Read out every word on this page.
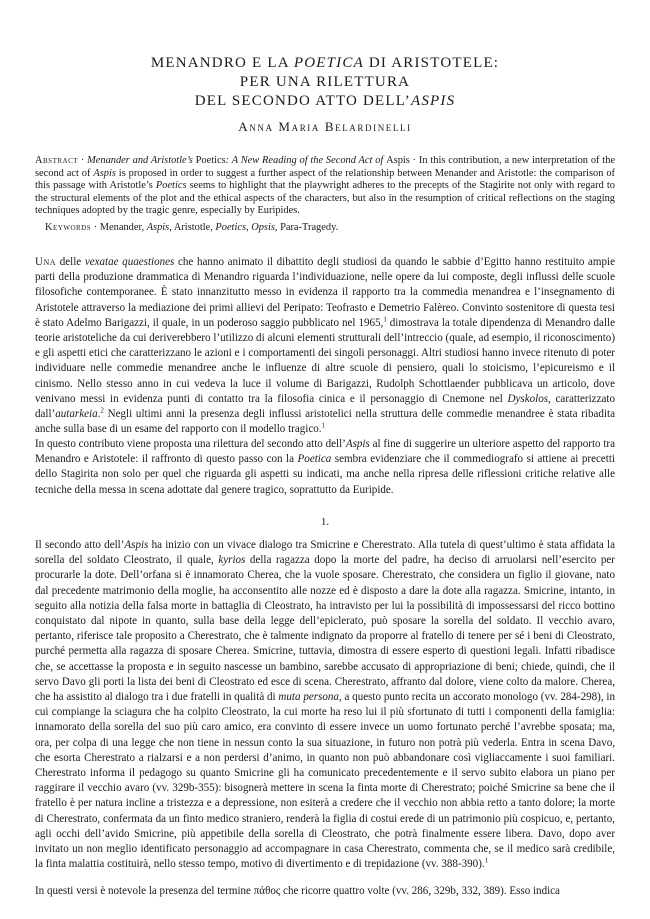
MENANDRO E LA POETICA DI ARISTOTELE:
PER UNA RILETTURA
DEL SECONDO ATTO DELL’ASPIS
Anna Maria Belardinelli

Abstract · Menander and Aristotle’s Poetics: A New Reading of the Second Act of Aspis · In this contribution, a new interpretation of the second act of Aspis is proposed in order to suggest a further aspect of the relationship between Menander and Aristotle: the comparison of this passage with Aristotle’s Poetics seems to highlight that the playwright adheres to the precepts of the Stagirite not only with regard to the structural elements of the plot and the ethical aspects of the characters, but also in the resumption of critical reflections on the staging techniques adopted by the tragic genre, especially by Euripides.

Keywords · Menander, Aspis, Aristotle, Poetics, Opsis, Para-Tragedy.

Una delle vexatae quaestiones che hanno animato il dibattito degli studiosi da quando le sabbie d’Egitto hanno restituito ampie parti della produzione drammatica di Menandro riguarda l’individuazione, nelle opere da lui composte, degli influssi delle scuole filosofiche contemporanee. È stato innanzitutto messo in evidenza il rapporto tra la commedia menandrea e l’insegnamento di Aristotele attraverso la mediazione dei primi allievi del Peripato: Teofrasto e Demetrio Falèreo. Convinto sostenitore di questa tesi è stato Adelmo Barigazzi, il quale, in un poderoso saggio pubblicato nel 1965,$^1$ dimostrava la totale dipendenza di Menandro dalle teorie aristoteliche da cui deriverebbero l’utilizzo di alcuni elementi strutturali dell’intreccio (quale, ad esempio, il riconoscimento) e gli aspetti etici che caratterizzano le azioni e i comportamenti dei singoli personaggi. Altri studiosi hanno invece ritenuto di poter individuare nelle commedie menandree anche le influenze di altre scuole di pensiero, quali lo stoicismo, l’epicureismo e il cinismo. Nello stesso anno in cui vedeva la luce il volume di Barigazzi, Rudolph Schottlaender pubblicava un articolo, dove venivano messi in evidenza punti di contatto tra la filosofia cinica e il personaggio di Cnemone nel Dyskolos, caratterizzato dall’autarkeia.$^2$ Negli ultimi anni la presenza degli influssi aristotelici nella struttura delle commedie menandree è stata ribadita anche sulla base di un esame del rapporto con il modello tragico.$^1$

In questo contributo viene proposta una rilettura del secondo atto dell’Aspis al fine di suggerire un ulteriore aspetto del rapporto tra Menandro e Aristotele: il raffronto di questo passo con la Poetica sembra evidenziare che il commediografo si attiene ai precetti dello Stagirita non solo per quel che riguarda gli aspetti su indicati, ma anche nella ripresa delle riflessioni critiche relative alle tecniche della messa in scena adottate dal genere tragico, soprattutto da Euripide.

1.

Il secondo atto dell’Aspis ha inizio con un vivace dialogo tra Smicrine e Cherestrato. Alla tutela di quest’ultimo è stata affidata la sorella del soldato Cleostrato, il quale, kyrios della ragazza dopo la morte del padre, ha deciso di arruolarsi nell’esercito per procurarle la dote. Dell’orfana si è innamorato Cherea, che la vuole sposare. Cherestrato, che considera un figlio il giovane, nato dal precedente matrimonio della moglie, ha acconsentito alle nozze ed è disposto a dare la dote alla ragazza. Smicrine, intanto, in seguito alla notizia della falsa morte in battaglia di Cleostrato, ha intravisto per lui la possibilità di impossessarsi del ricco bottino conquistato dal nipote in quanto, sulla base della legge dell’epiclerato, può sposare la sorella del soldato. Il vecchio avaro, pertanto, riferisce tale proposito a Cherestrato, che è talmente indignato da proporre al fratello di tenere per sé i beni di Cleostrato, purché permetta alla ragazza di sposare Cherea. Smicrine, tuttavia, dimostra di essere esperto di questioni legali. Infatti ribadisce che, se accettasse la proposta e in seguito nascesse un bambino, sarebbe accusato di appropriazione di beni; chiede, quindi, che il servo Davo gli porti la lista dei beni di Cleostrato ed esce di scena. Cherestrato, affranto dal dolore, viene colto da malore. Cherea, che ha assistito al dialogo tra i due fratelli in qualità di muta persona, a questo punto recita un accorato monologo (vv. 284-298), in cui compiange la sciagura che ha colpito Cleostrato, la cui morte ha reso lui il più sfortunato di tutti i componenti della famiglia: innamorato della sorella del suo più caro amico, era convinto di essere invece un uomo fortunato perché l’avrebbe sposata; ma, ora, per colpa di una legge che non tiene in nessun conto la sua situazione, in futuro non potrà più vederla. Entra in scena Davo, che esorta Cherestrato a rialzarsi e a non perdersi d’animo, in quanto non può abbandonare così vigliaccamente i suoi familiari. Cherestrato informa il pedagogo su quanto Smicrine gli ha comunicato precedentemente e il servo subito elabora un piano per raggirare il vecchio avaro (vv. 329b-355): bisognerà mettere in scena la finta morte di Cherestrato; poiché Smicrine sa bene che il fratello è per natura incline a tristezza e a depressione, non esiterà a credere che il vecchio non abbia retto a tanto dolore; la morte di Cherestrato, confermata da un finto medico straniero, renderà la figlia di costui erede di un patrimonio più cospicuo, e, pertanto, agli occhi dell’avido Smicrine, più appetibile della sorella di Cleostrato, che potrà finalmente essere libera. Davo, dopo aver invitato un non meglio identificato personaggio ad accompagnare in casa Cherestrato, commenta che, se il medico sarà credibile, la finta malattia costituirà, nello stesso tempo, motivo di divertimento e di trepidazione (vv. 388-390).$^1$

In questi versi è notevole la presenza del termine πάθος che ricorre quattro volte (vv. 286, 329b, 332, 389). Esso indica
